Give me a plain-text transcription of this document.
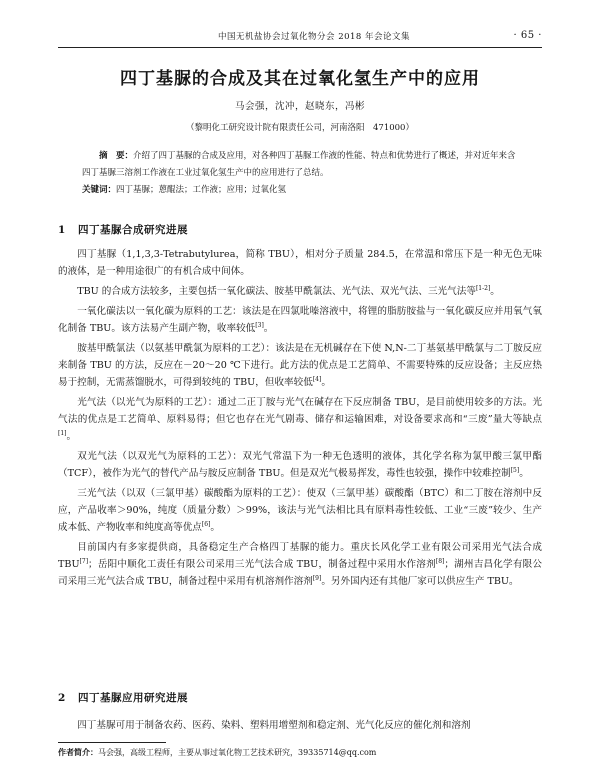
中国无机盐协会过氧化物分会 2018 年会论文集	· 65 ·
四丁基脲的合成及其在过氧化氢生产中的应用
马会强，沈冲，赵晓东，冯彬
（黎明化工研究设计院有限责任公司，河南洛阳　471000）

摘　要：介绍了四丁基脲的合成及应用，对各种四丁基脲工作液的性能、特点和优势进行了概述，并对近年来含四丁基脲三溶剂工作液在工业过氧化氢生产中的应用进行了总结。

关键词：四丁基脲；蒽醌法；工作液；应用；过氧化氢

1 四丁基脲合成研究进展

四丁基脲（1,1,3,3-Tetrabutylurea，简称 TBU），相对分子质量 284.5，在常温和常压下是一种无色无味的液体，是一种用途很广的有机合成中间体。

TBU 的合成方法较多，主要包括一氧化碳法、胺基甲酰氯法、光气法、双光气法、三光气法等[1-2]。

一氧化碳法以一氧化碳为原料的工艺：该法是在四氯吡嗪溶液中，将锂的脂肪胺盐与一氧化碳反应并用氧气氧化制备 TBU。该方法易产生副产物，收率较低[3]。

胺基甲酰氯法（以氨基甲酰氯为原料的工艺）：该法是在无机碱存在下使 N,N-二丁基氨基甲酰氯与二丁胺反应来制备 TBU 的方法，反应在－20～20 ℃下进行。此方法的优点是工艺简单、不需要特殊的反应设备；主反应热易于控制，无需蒸馏脱水，可得到较纯的 TBU，但收率较低[4]。

光气法（以光气为原料的工艺）：通过二正丁胺与光气在碱存在下反应制备 TBU，是目前使用较多的方法。光气法的优点是工艺简单、原料易得；但它也存在光气剧毒、储存和运输困难，对设备要求高和“三废”量大等缺点[1]。

双光气法（以双光气为原料的工艺）：双光气常温下为一种无色透明的液体，其化学名称为氯甲酸三氯甲酯（TCF），被作为光气的替代产品与胺反应制备 TBU。但是双光气极易挥发，毒性也较强，操作中较难控制[5]。

三光气法（以双（三氯甲基）碳酸酯为原料的工艺）：使双（三氯甲基）碳酸酯（BTC）和二丁胺在溶剂中反应，产品收率＞90%，纯度（质量分数）＞99%，该法与光气法相比具有原料毒性较低、工业“三废”较少、生产成本低、产物收率和纯度高等优点[6]。

目前国内有多家提供商，具备稳定生产合格四丁基脲的能力。重庆长风化学工业有限公司采用光气法合成 TBU[7]；岳阳中顺化工责任有限公司采用三光气法合成 TBU，制备过程中采用水作溶剂[8]；湖州吉昌化学有限公司采用三光气法合成 TBU，制备过程中采用有机溶剂作溶剂[9]。另外国内还有其他厂家可以供应生产 TBU。

2 四丁基脲应用研究进展

四丁基脲可用于制备农药、医药、染料、塑料用增塑剂和稳定剂、光气化反应的催化剂和溶剂

作者简介：马会强，高级工程师，主要从事过氧化物工艺技术研究，39335714@qq.com
